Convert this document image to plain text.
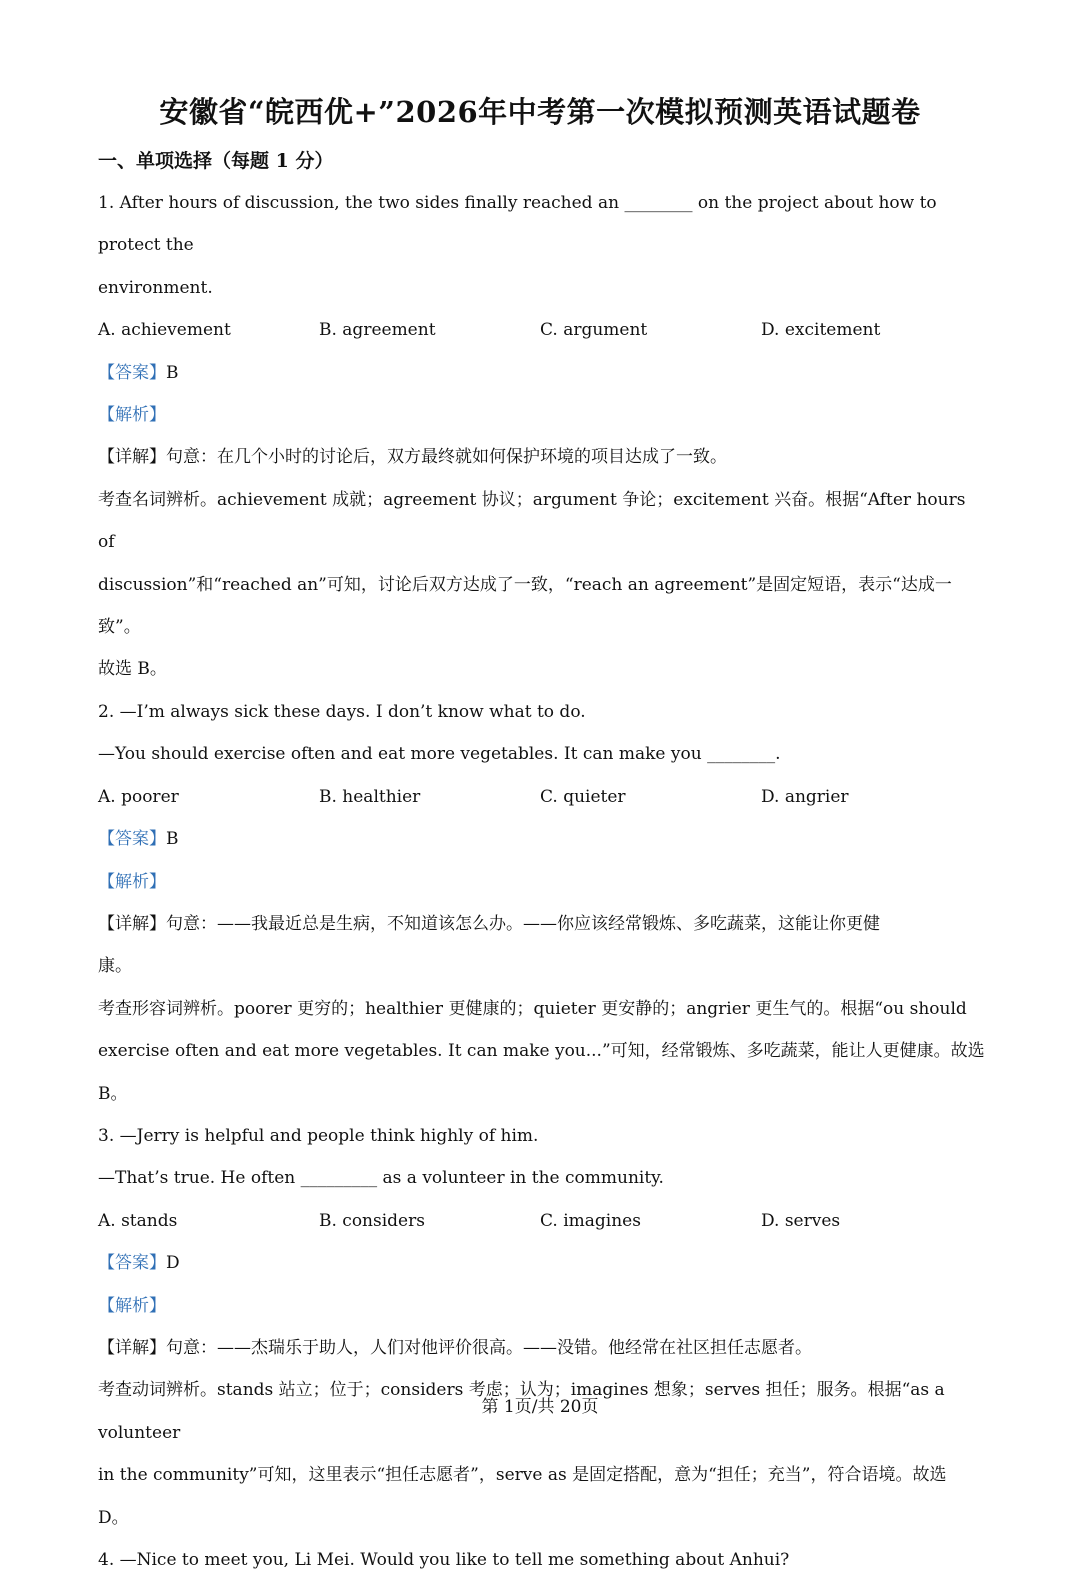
安徽省“皖西优+”2026年中考第一次模拟预测英语试题卷
一、单项选择（每题 1 分）
1. After hours of discussion, the two sides finally reached an ________ on the project about how to protect the
environment.
A. achievement	B. agreement	C. argument	D. excitement
【答案】B
【解析】
【详解】句意：在几个小时的讨论后，双方最终就如何保护环境的项目达成了一致。
考查名词辨析。achievement 成就；agreement 协议；argument 争论；excitement 兴奋。根据“After hours of
discussion”和“reached an”可知，讨论后双方达成了一致，“reach an agreement”是固定短语，表示“达成一致”。
故选 B。
2. —I’m always sick these days. I don’t know what to do.
—You should exercise often and eat more vegetables. It can make you ________.
A. poorer	B. healthier	C. quieter	D. angrier
【答案】B
【解析】
【详解】句意：——我最近总是生病，不知道该怎么办。——你应该经常锻炼、多吃蔬菜，这能让你更健
康。
考查形容词辨析。poorer 更穷的；healthier 更健康的；quieter 更安静的；angrier 更生气的。根据“ou should
exercise often and eat more vegetables. It can make you...”可知，经常锻炼、多吃蔬菜，能让人更健康。故选 B。
3. —Jerry is helpful and people think highly of him.
—That’s true. He often _________ as a volunteer in the community.
A. stands	B. considers	C. imagines	D. serves
【答案】D
【解析】
【详解】句意：——杰瑞乐于助人，人们对他评价很高。——没错。他经常在社区担任志愿者。
考查动词辨析。stands 站立；位于；considers 考虑；认为；imagines 想象；serves 担任；服务。根据“as a volunteer
in the community”可知，这里表示“担任志愿者”，serve as 是固定搭配，意为“担任；充当”，符合语境。故选
D。
4. —Nice to meet you, Li Mei. Would you like to tell me something about Anhui?
第 1页/共 20页
